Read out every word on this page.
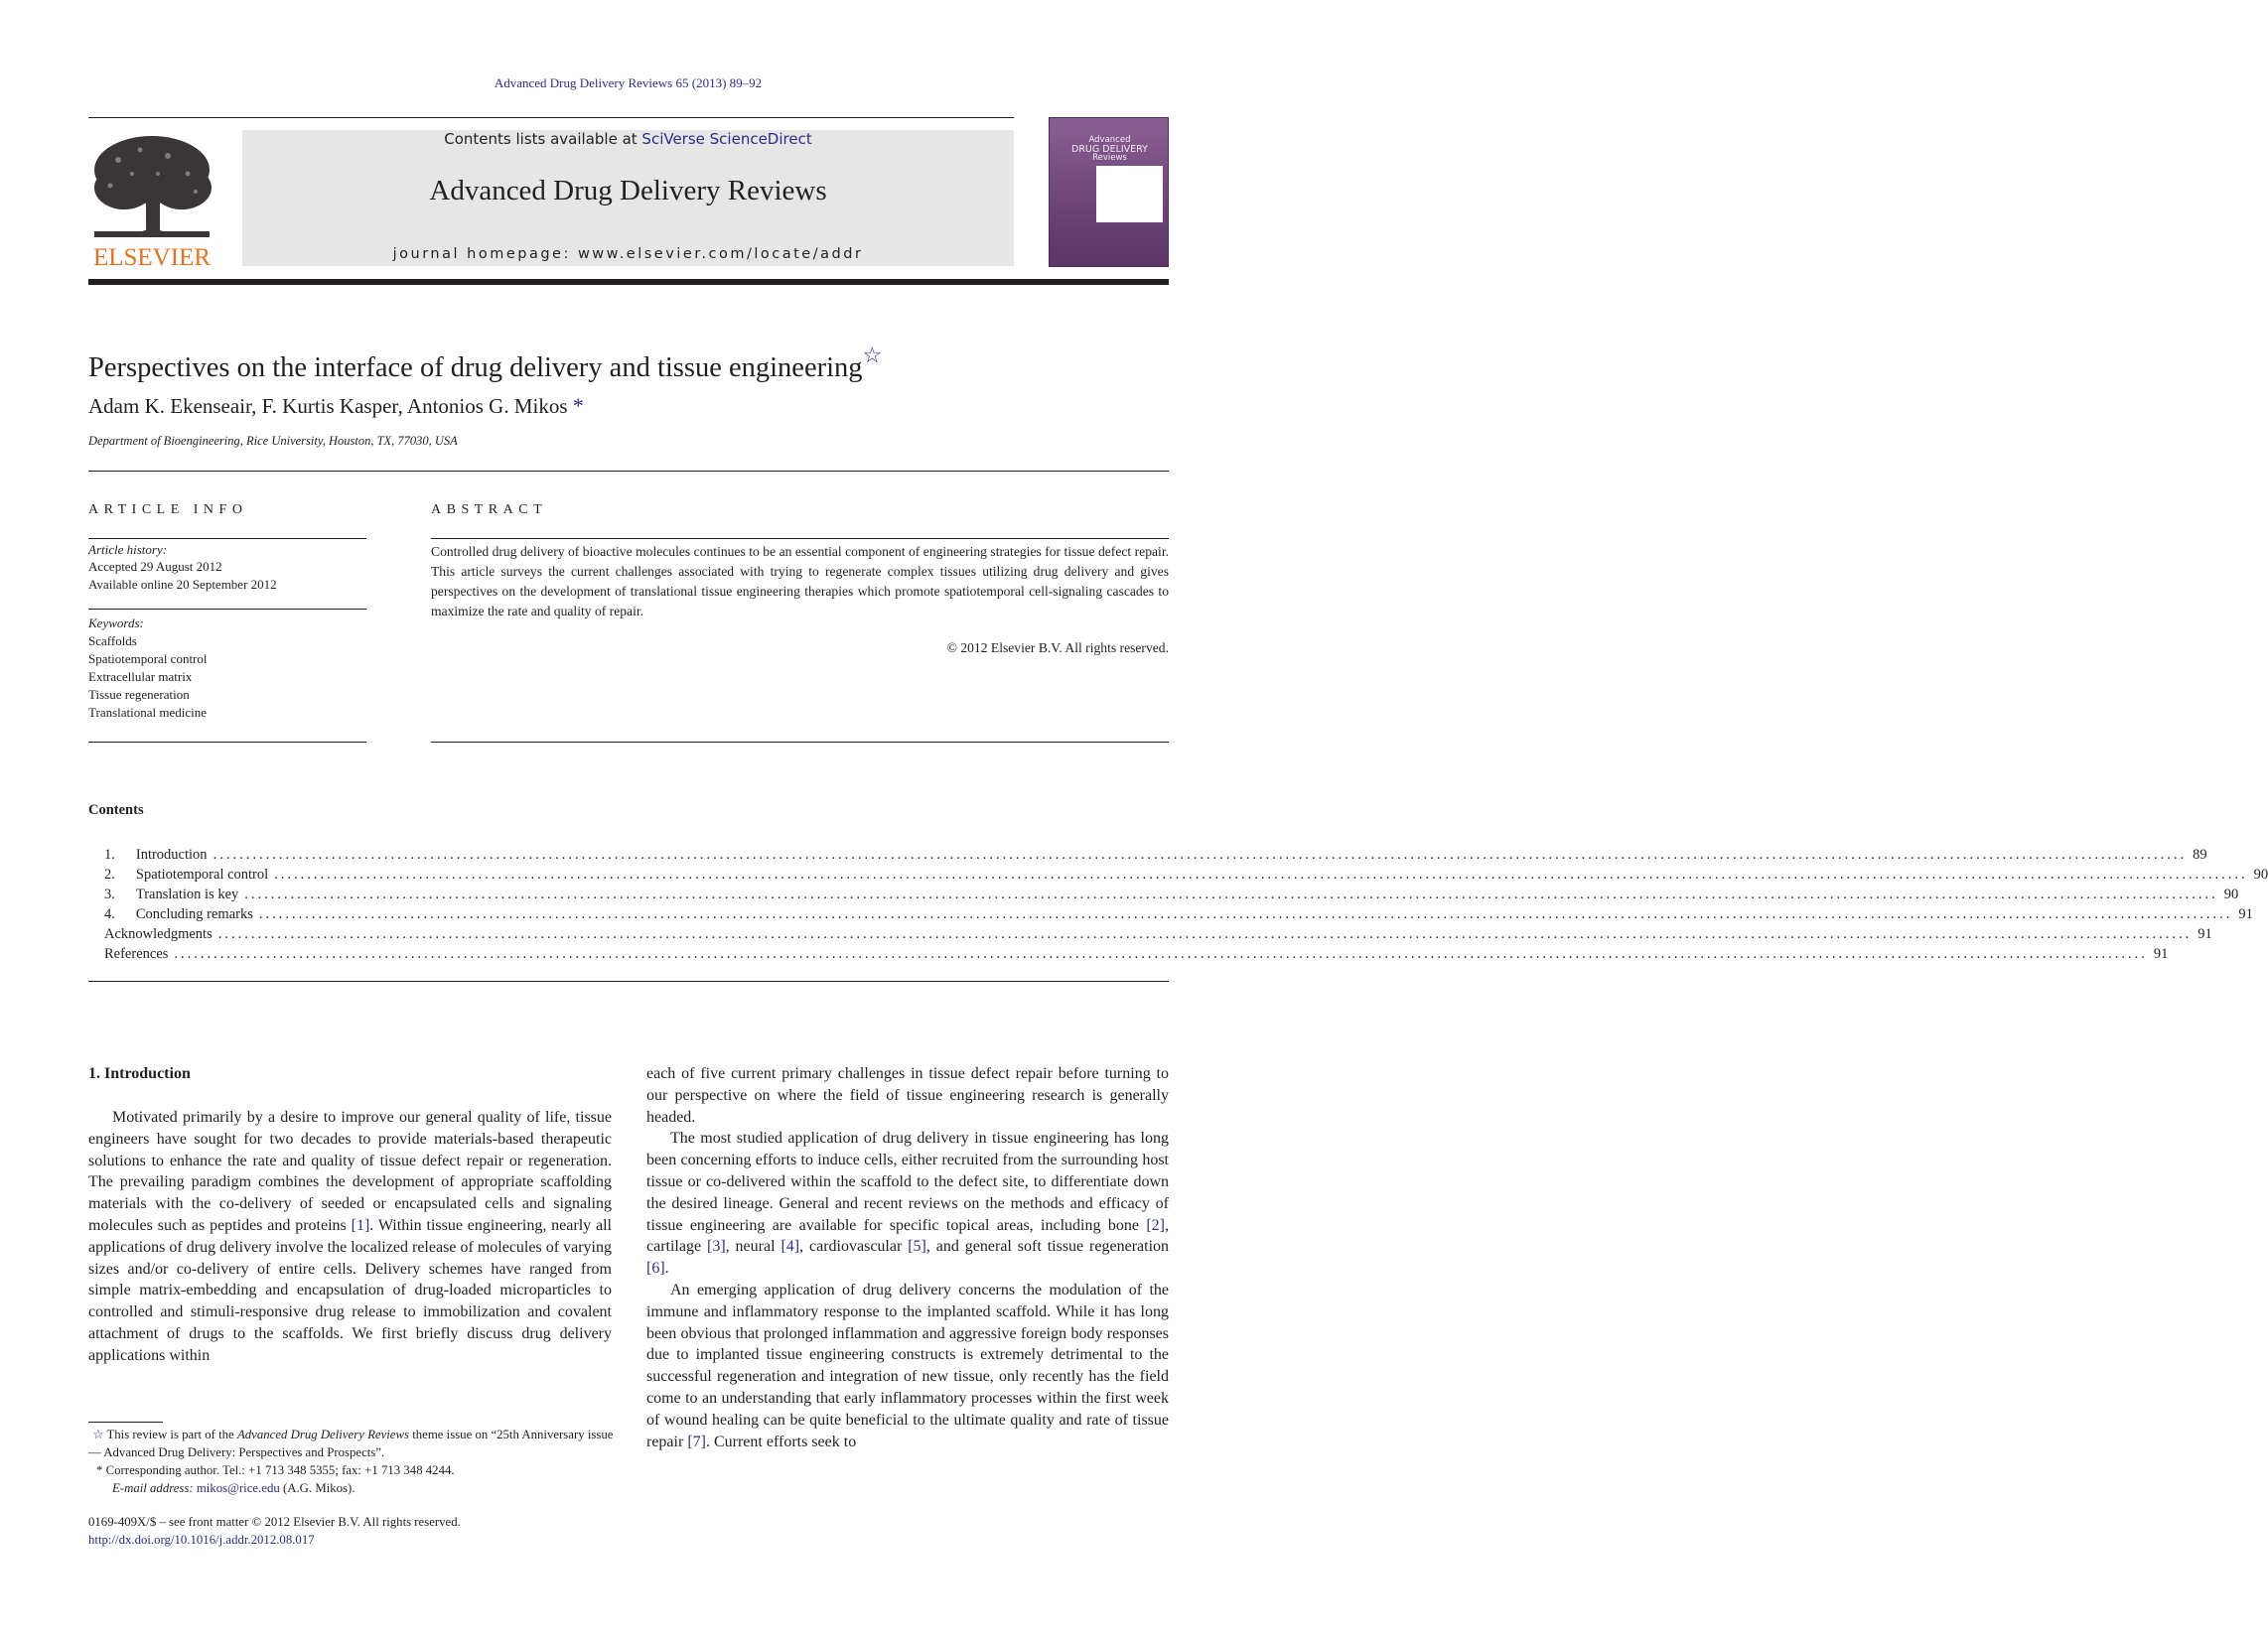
Advanced Drug Delivery Reviews 65 (2013) 89–92
Contents lists available at SciVerse ScienceDirect
Advanced Drug Delivery Reviews
journal homepage: www.elsevier.com/locate/addr
ELSEVIER
Advanced
DRUG DELIVERY
Reviews
Perspectives on the interface of drug delivery and tissue engineering☆
Adam K. Ekenseair, F. Kurtis Kasper, Antonios G. Mikos *
Department of Bioengineering, Rice University, Houston, TX, 77030, USA
ARTICLE INFO
Article history:
Accepted 29 August 2012
Available online 20 September 2012
Keywords:
Scaffolds
Spatiotemporal control
Extracellular matrix
Tissue regeneration
Translational medicine
ABSTRACT
Controlled drug delivery of bioactive molecules continues to be an essential component of engineering strategies for tissue defect repair. This article surveys the current challenges associated with trying to regenerate complex tissues utilizing drug delivery and gives perspectives on the development of translational tissue engineering therapies which promote spatiotemporal cell-signaling cascades to maximize the rate and quality of repair.
© 2012 Elsevier B.V. All rights reserved.
Contents
1. Introduction ............................................................................................................................................................................................................................................................................................................ 89
2. Spatiotemporal control ............................................................................................................................................................................................................................................................................................................ 90
3. Translation is key ............................................................................................................................................................................................................................................................................................................ 90
4. Concluding remarks ............................................................................................................................................................................................................................................................................................................ 91
Acknowledgments ............................................................................................................................................................................................................................................................................................................ 91
References ............................................................................................................................................................................................................................................................................................................ 91
1. Introduction
Motivated primarily by a desire to improve our general quality of life, tissue engineers have sought for two decades to provide materials-based therapeutic solutions to enhance the rate and quality of tissue defect repair or regeneration. The prevailing paradigm combines the development of appropriate scaffolding materials with the co-delivery of seeded or encapsulated cells and signaling molecules such as peptides and proteins [1]. Within tissue engineering, nearly all applications of drug delivery involve the localized release of molecules of varying sizes and/or co-delivery of entire cells. Delivery schemes have ranged from simple matrix-embedding and encapsulation of drug-loaded microparticles to controlled and stimuli-responsive drug release to immobilization and covalent attachment of drugs to the scaffolds. We first briefly discuss drug delivery applications within

each of five current primary challenges in tissue defect repair before turning to our perspective on where the field of tissue engineering research is generally headed.

The most studied application of drug delivery in tissue engineering has long been concerning efforts to induce cells, either recruited from the surrounding host tissue or co-delivered within the scaffold to the defect site, to differentiate down the desired lineage. General and recent reviews on the methods and efficacy of tissue engineering are available for specific topical areas, including bone [2], cartilage [3], neural [4], cardiovascular [5], and general soft tissue regeneration [6].

An emerging application of drug delivery concerns the modulation of the immune and inflammatory response to the implanted scaffold. While it has long been obvious that prolonged inflammation and aggressive foreign body responses due to implanted tissue engineering constructs is extremely detrimental to the successful regeneration and integration of new tissue, only recently has the field come to an understanding that early inflammatory processes within the first week of wound healing can be quite beneficial to the ultimate quality and rate of tissue repair [7]. Current efforts seek to

☆ This review is part of the Advanced Drug Delivery Reviews theme issue on “25th Anniversary issue — Advanced Drug Delivery: Perspectives and Prospects”.
* Corresponding author. Tel.: +1 713 348 5355; fax: +1 713 348 4244.
E-mail address: mikos@rice.edu (A.G. Mikos).
0169-409X/$ – see front matter © 2012 Elsevier B.V. All rights reserved.
http://dx.doi.org/10.1016/j.addr.2012.08.017
